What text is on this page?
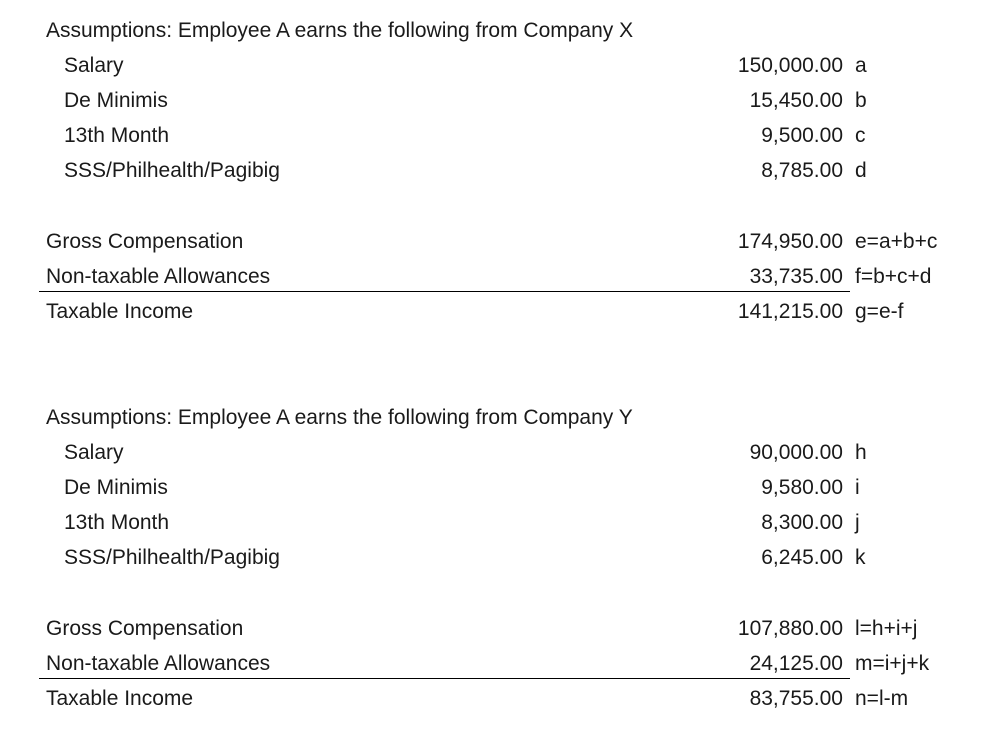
Assumptions: Employee A earns the following from Company X
Salary	150,000.00 a
De Minimis	15,450.00 b
13th Month	9,500.00 c
SSS/Philhealth/Pagibig	8,785.00 d
Gross Compensation	174,950.00 e=a+b+c
Non-taxable Allowances	33,735.00 f=b+c+d
Taxable Income	141,215.00 g=e-f
Assumptions: Employee A earns the following from Company Y
Salary	90,000.00 h
De Minimis	9,580.00 i
13th Month	8,300.00 j
SSS/Philhealth/Pagibig	6,245.00 k
Gross Compensation	107,880.00 l=h+i+j
Non-taxable Allowances	24,125.00 m=i+j+k
Taxable Income	83,755.00 n=l-m
